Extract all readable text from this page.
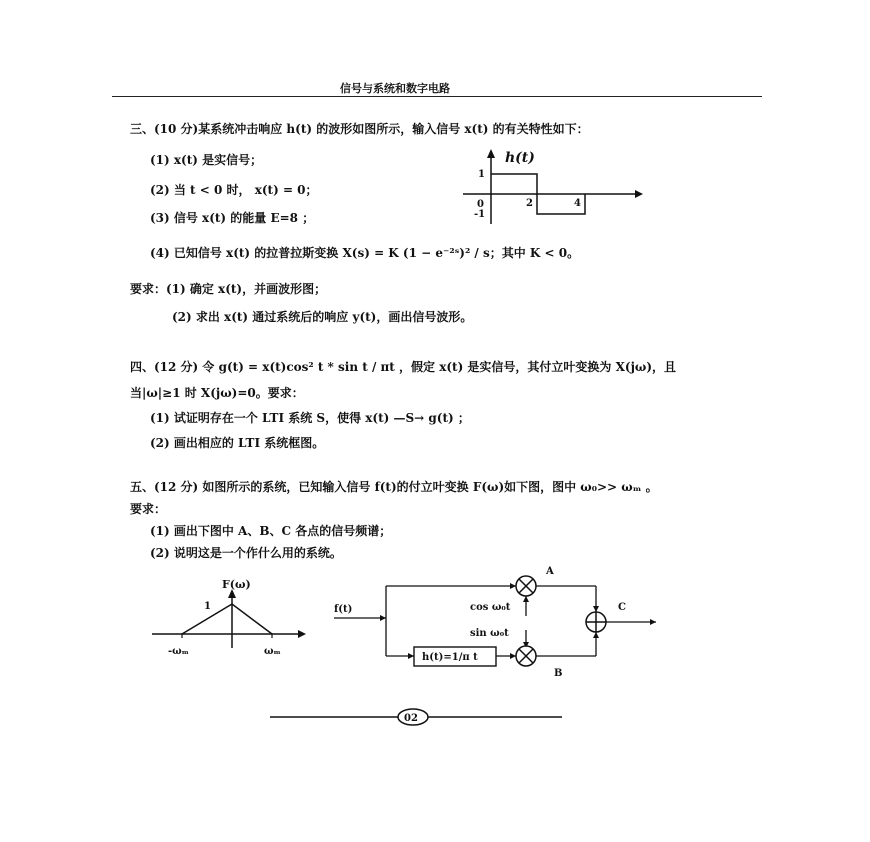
信号与系统和数字电路
三、(10 分)某系统冲击响应 h(t) 的波形如图所示，输入信号 x(t) 的有关特性如下：
(1) x(t) 是实信号；
(2) 当 t < 0 时， x(t) = 0；
(3) 信号 x(t) 的能量 E=8 ；
(4) 已知信号 x(t) 的拉普拉斯变换 X(s) = K (1 − e⁻²ˢ)² / s；其中 K < 0。
要求：(1) 确定 x(t)，并画波形图；
(2) 求出 x(t) 通过系统后的响应 y(t)，画出信号波形。
h(t)
1
-1
0	2	4
四、(12 分) 令 g(t) = x(t)cos² t * sin t / πt ，假定 x(t) 是实信号，其付立叶变换为 X(jω)，且
当|ω|≥1 时 X(jω)=0。要求：
(1) 试证明存在一个 LTI 系统 S，使得 x(t) —S→ g(t) ；
(2) 画出相应的 LTI 系统框图。
五、(12 分) 如图所示的系统，已知输入信号 f(t)的付立叶变换 F(ω)如下图，图中 ω₀>> ωₘ 。
要求：
(1) 画出下图中 A、B、C 各点的信号频谱；
(2) 说明这是一个作什么用的系统。
F(ω)
1
-ωₘ	ωₘ
f(t)
A
cos ω₀t
sin ω₀t
h(t)=1/π t
B
C
02
